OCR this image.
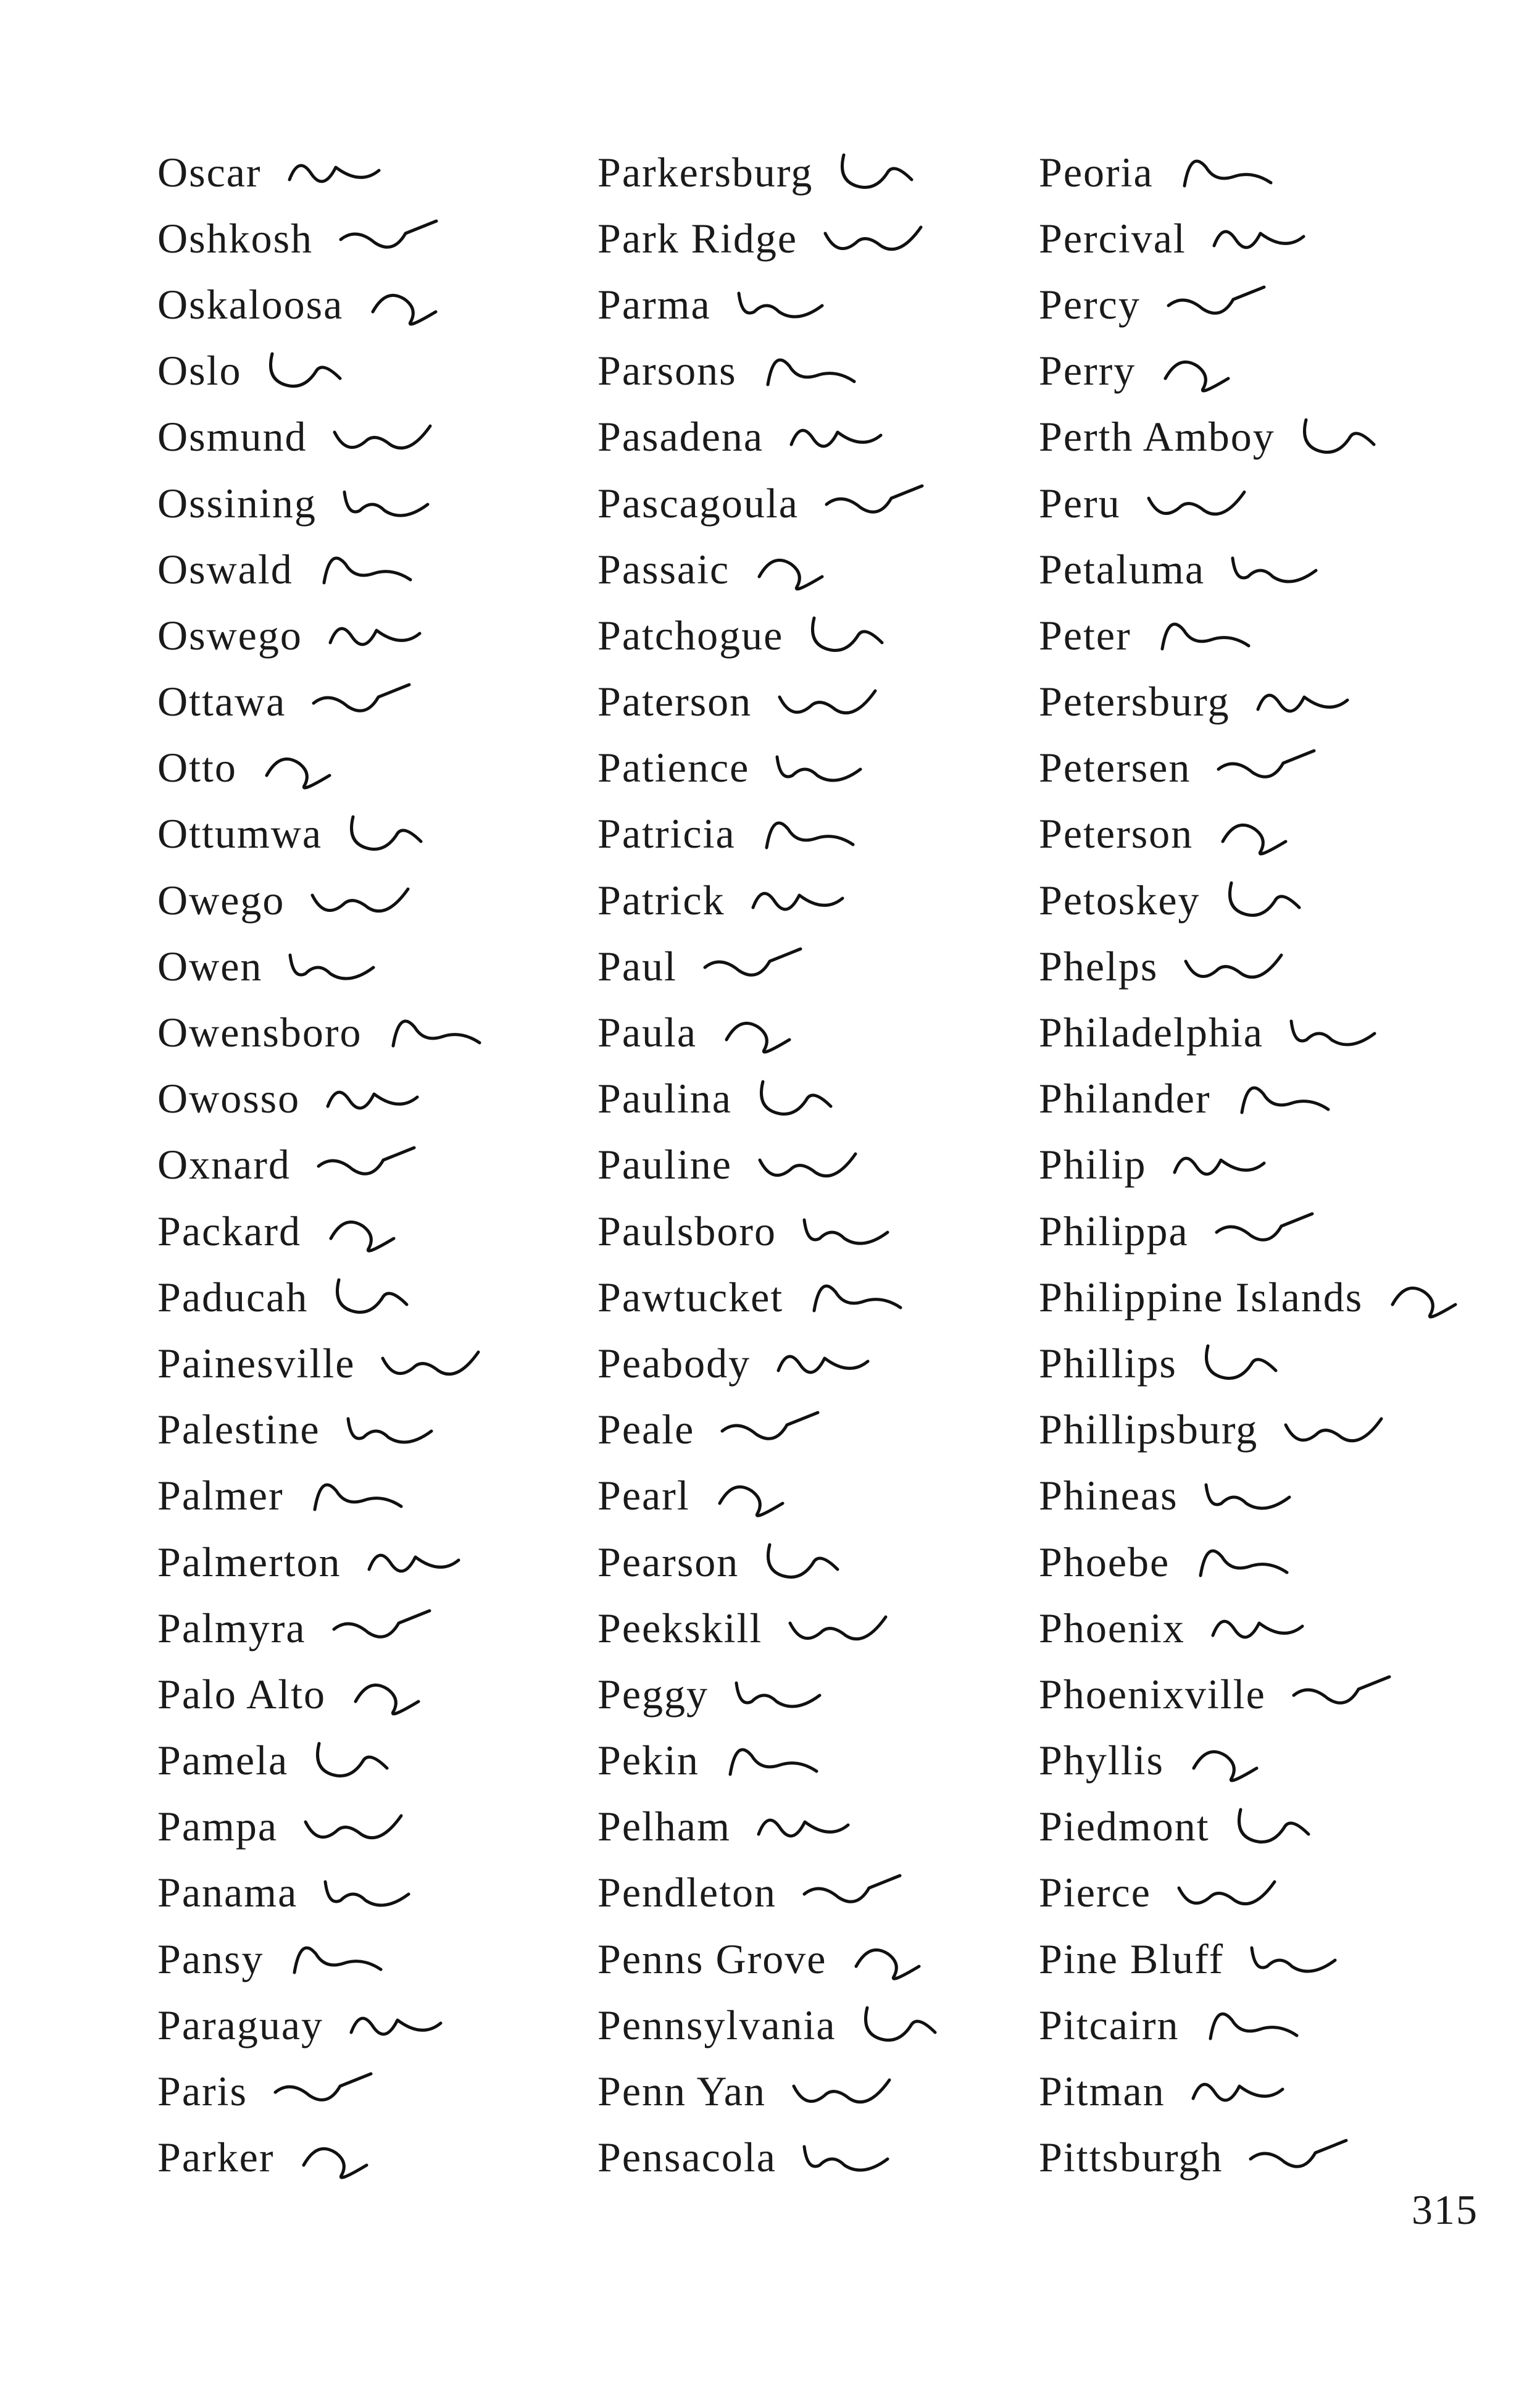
Oscar
Oshkosh
Oskaloosa
Oslo
Osmund
Ossining
Oswald
Oswego
Ottawa
Otto
Ottumwa
Owego
Owen
Owensboro
Owosso
Oxnard
Packard
Paducah
Painesville
Palestine
Palmer
Palmerton
Palmyra
Palo Alto
Pamela
Pampa
Panama
Pansy
Paraguay
Paris
Parker
Parkersburg
Park Ridge
Parma
Parsons
Pasadena
Pascagoula
Passaic
Patchogue
Paterson
Patience
Patricia
Patrick
Paul
Paula
Paulina
Pauline
Paulsboro
Pawtucket
Peabody
Peale
Pearl
Pearson
Peekskill
Peggy
Pekin
Pelham
Pendleton
Penns Grove
Pennsylvania
Penn Yan
Pensacola
Peoria
Percival
Percy
Perry
Perth Amboy
Peru
Petaluma
Peter
Petersburg
Petersen
Peterson
Petoskey
Phelps
Philadelphia
Philander
Philip
Philippa
Philippine Islands
Phillips
Phillipsburg
Phineas
Phoebe
Phoenix
Phoenixville
Phyllis
Piedmont
Pierce
Pine Bluff
Pitcairn
Pitman
Pittsburgh
315
